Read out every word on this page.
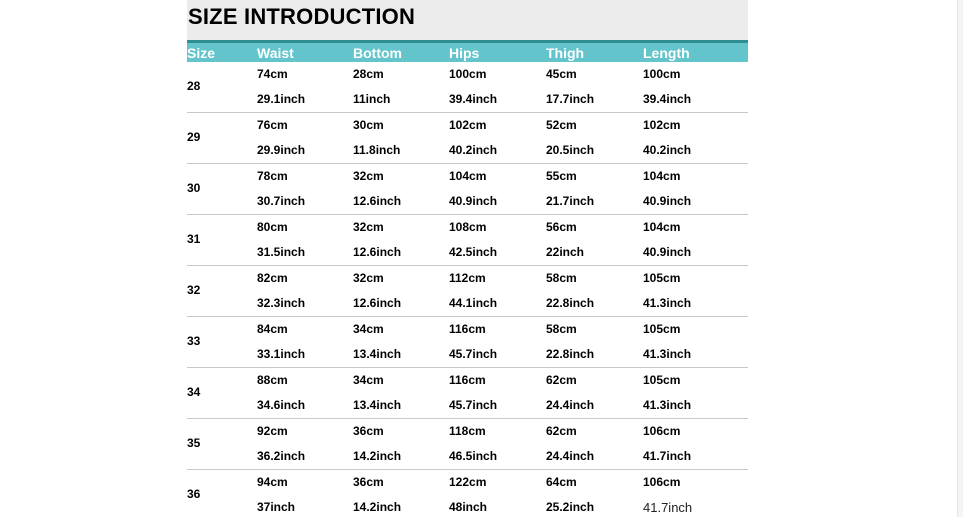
SIZE INTRODUCTION
Size	Waist	Bottom	Hips	Thigh	Length
28
74cm	28cm	100cm	45cm	100cm
29.1inch	11inch	39.4inch	17.7inch	39.4inch
29
76cm	30cm	102cm	52cm	102cm
29.9inch	11.8inch	40.2inch	20.5inch	40.2inch
30
78cm	32cm	104cm	55cm	104cm
30.7inch	12.6inch	40.9inch	21.7inch	40.9inch
31
80cm	32cm	108cm	56cm	104cm
31.5inch	12.6inch	42.5inch	22inch	40.9inch
32
82cm	32cm	112cm	58cm	105cm
32.3inch	12.6inch	44.1inch	22.8inch	41.3inch
33
84cm	34cm	116cm	58cm	105cm
33.1inch	13.4inch	45.7inch	22.8inch	41.3inch
34
88cm	34cm	116cm	62cm	105cm
34.6inch	13.4inch	45.7inch	24.4inch	41.3inch
35
92cm	36cm	118cm	62cm	106cm
36.2inch	14.2inch	46.5inch	24.4inch	41.7inch
36
94cm	36cm	122cm	64cm	106cm
37inch	14.2inch	48inch	25.2inch	41.7inch
